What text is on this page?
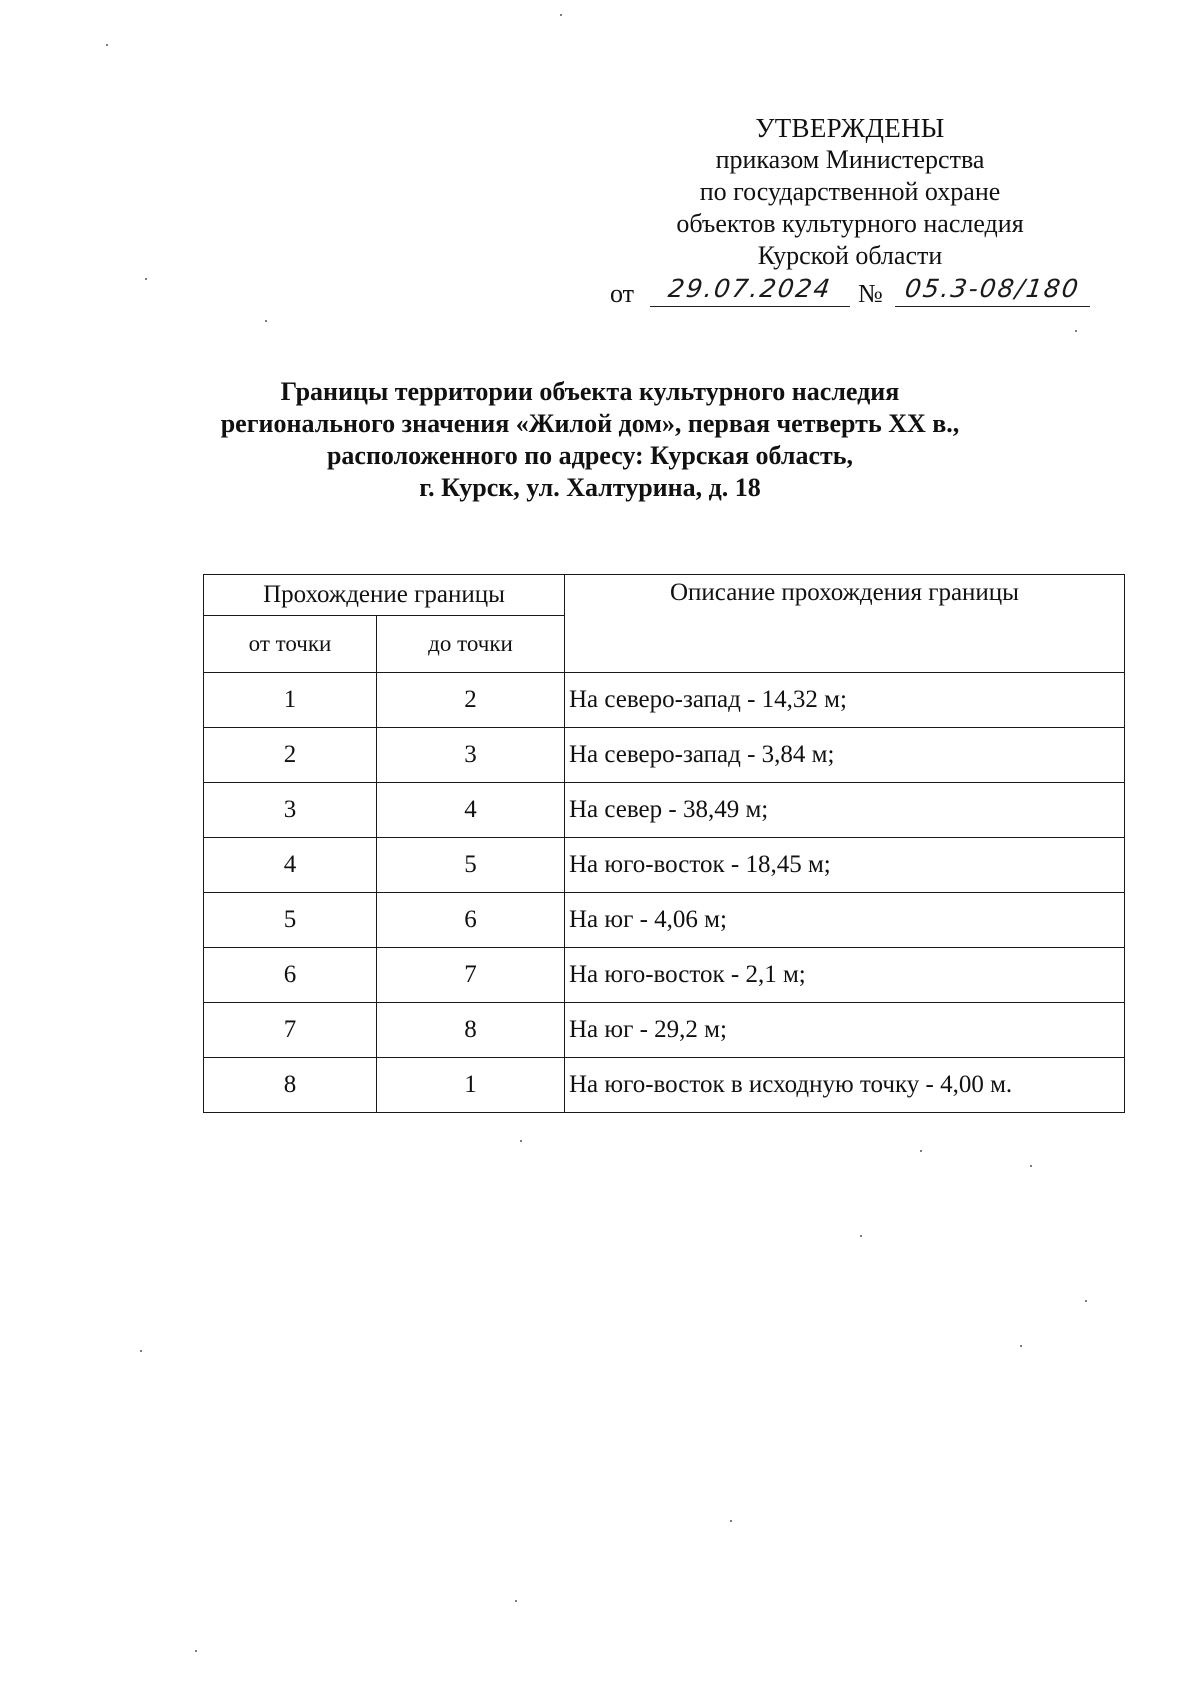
УТВЕРЖДЕНЫ
приказом Министерства
по государственной охране
объектов культурного наследия
Курской области
от	29.07.2024 № 05.3-08/180
Границы территории объекта культурного наследия
регионального значения «Жилой дом», первая четверть XX в.,
расположенного по адресу: Курская область,
г. Курск, ул. Халтурина, д. 18
Прохождение границы		Описание прохождения границы
от точки	до точки	
1	2	На северо-запад - 14,32 м;
2	3	На северо-запад - 3,84 м;
3	4	На север - 38,49 м;
4	5	На юго-восток - 18,45 м;
5	6	На юг - 4,06 м;
6	7	На юго-восток - 2,1 м;
7	8	На юг - 29,2 м;
8	1	На юго-восток в исходную точку - 4,00 м.
